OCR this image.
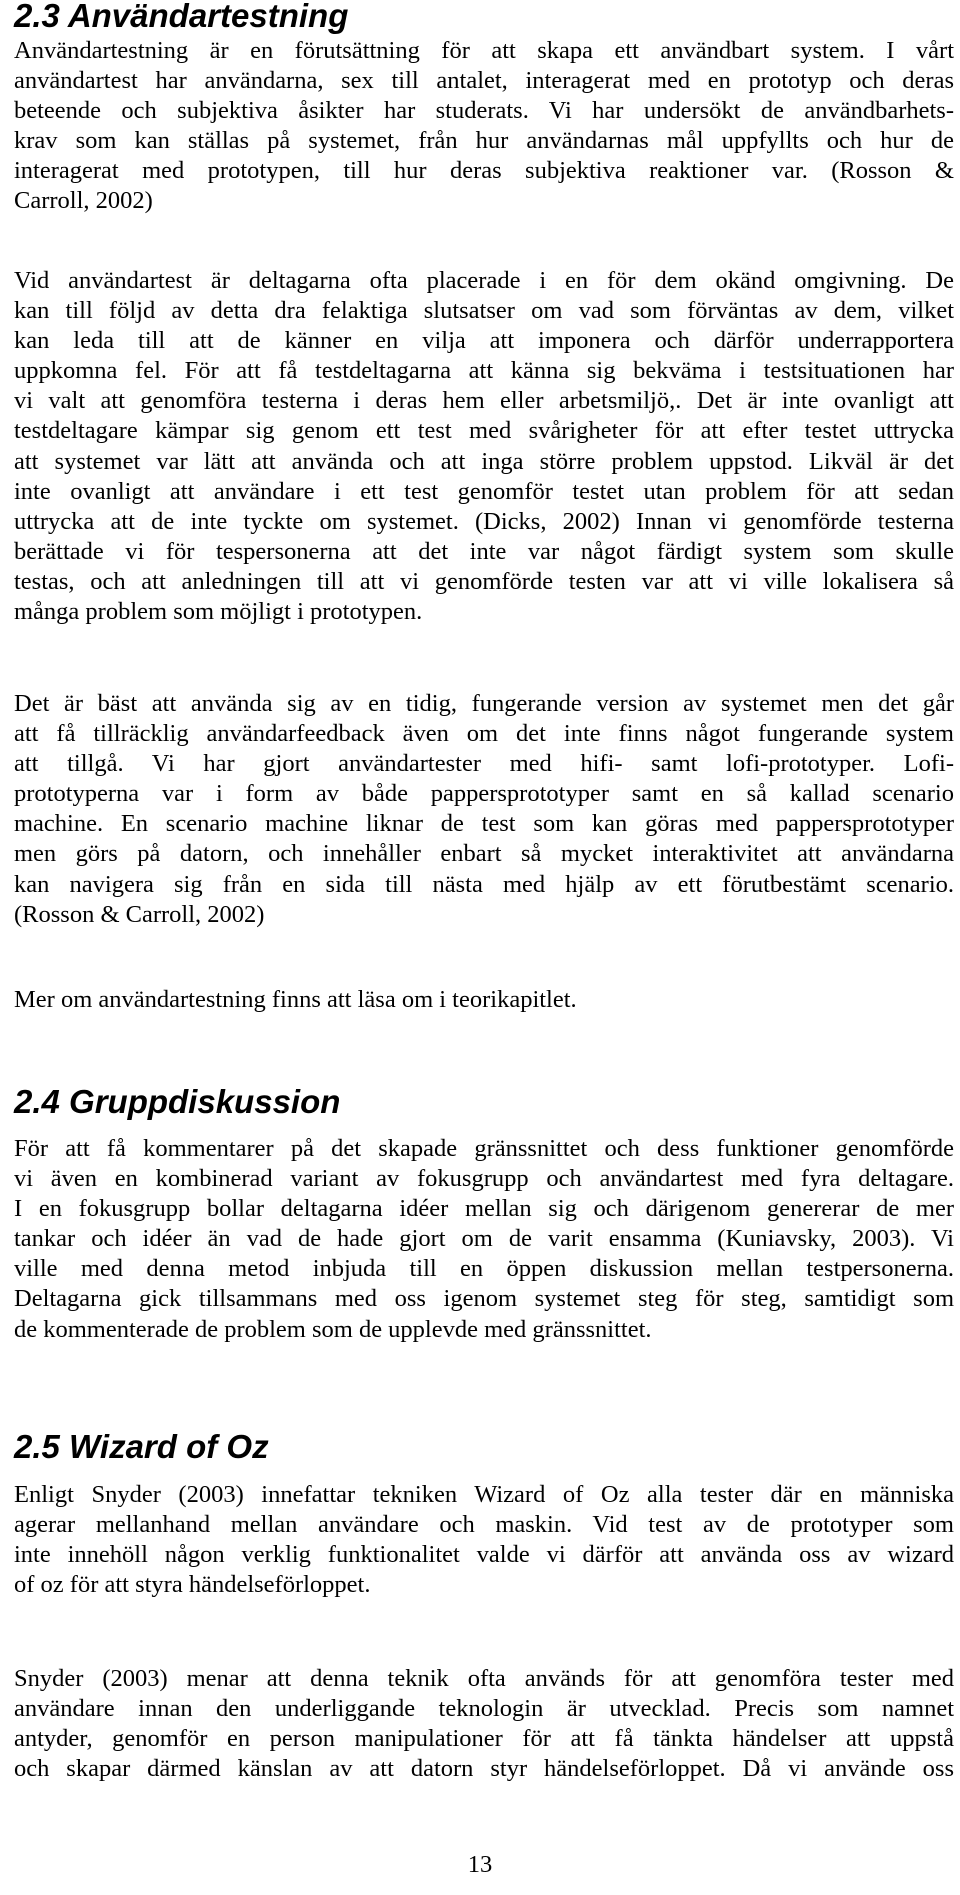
2.3 Användartestning
Användartestning är en förutsättning för att skapa ett användbart system. I vårt
användartest har användarna, sex till antalet, interagerat med en prototyp och deras
beteende och subjektiva åsikter har studerats. Vi har undersökt de användbarhets-
krav som kan ställas på systemet, från hur användarnas mål uppfyllts och hur de
interagerat med prototypen, till hur deras subjektiva reaktioner var. (Rosson &
Carroll, 2002)
Vid användartest är deltagarna ofta placerade i en för dem okänd omgivning. De
kan till följd av detta dra felaktiga slutsatser om vad som förväntas av dem, vilket
kan leda till att de känner en vilja att imponera och därför underrapportera
uppkomna fel. För att få testdeltagarna att känna sig bekväma i testsituationen har
vi valt att genomföra testerna i deras hem eller arbetsmiljö,. Det är inte ovanligt att
testdeltagare kämpar sig genom ett test med svårigheter för att efter testet uttrycka
att systemet var lätt att använda och att inga större problem uppstod. Likväl är det
inte ovanligt att användare i ett test genomför testet utan problem för att sedan
uttrycka att de inte tyckte om systemet. (Dicks, 2002) Innan vi genomförde testerna
berättade vi för tespersonerna att det inte var något färdigt system som skulle
testas, och att anledningen till att vi genomförde testen var att vi ville lokalisera så
många problem som möjligt i prototypen.
Det är bäst att använda sig av en tidig, fungerande version av systemet men det går
att få tillräcklig användarfeedback även om det inte finns något fungerande system
att tillgå. Vi har gjort användartester med hifi- samt lofi-prototyper. Lofi-
prototyperna var i form av både pappersprototyper samt en så kallad scenario
machine. En scenario machine liknar de test som kan göras med pappersprototyper
men görs på datorn, och innehåller enbart så mycket interaktivitet att användarna
kan navigera sig från en sida till nästa med hjälp av ett förutbestämt scenario.
(Rosson & Carroll, 2002)
Mer om användartestning finns att läsa om i teorikapitlet.
2.4 Gruppdiskussion
För att få kommentarer på det skapade gränssnittet och dess funktioner genomförde
vi även en kombinerad variant av fokusgrupp och användartest med fyra deltagare.
I en fokusgrupp bollar deltagarna idéer mellan sig och därigenom genererar de mer
tankar och idéer än vad de hade gjort om de varit ensamma (Kuniavsky, 2003). Vi
ville med denna metod inbjuda till en öppen diskussion mellan testpersonerna.
Deltagarna gick tillsammans med oss igenom systemet steg för steg, samtidigt som
de kommenterade de problem som de upplevde med gränssnittet.
2.5 Wizard of Oz
Enligt Snyder (2003) innefattar tekniken Wizard of Oz alla tester där en människa
agerar mellanhand mellan användare och maskin. Vid test av de prototyper som
inte innehöll någon verklig funktionalitet valde vi därför att använda oss av wizard
of oz för att styra händelseförloppet.
Snyder (2003) menar att denna teknik ofta används för att genomföra tester med
användare innan den underliggande teknologin är utvecklad. Precis som namnet
antyder, genomför en person manipulationer för att få tänkta händelser att uppstå
och skapar därmed känslan av att datorn styr händelseförloppet. Då vi använde oss
13
